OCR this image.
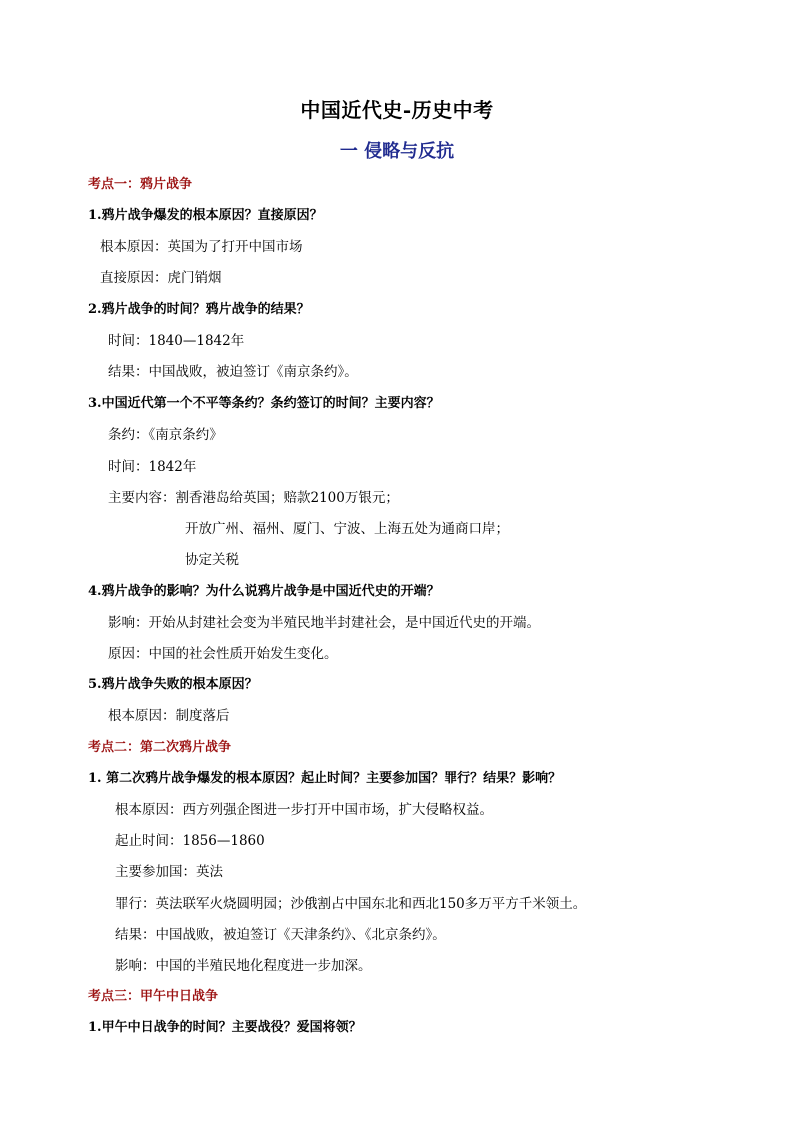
中国近代史-历史中考
一 侵略与反抗
考点一：鸦片战争
1.鸦片战争爆发的根本原因？直接原因？
根本原因：英国为了打开中国市场
直接原因：虎门销烟
2.鸦片战争的时间？鸦片战争的结果？
时间：1840—1842年
结果：中国战败，被迫签订《南京条约》。
3.中国近代第一个不平等条约？条约签订的时间？主要内容？
条约：《南京条约》
时间：1842年
主要内容：割香港岛给英国；赔款2100万银元；
开放广州、福州、厦门、宁波、上海五处为通商口岸；
协定关税
4.鸦片战争的影响？为什么说鸦片战争是中国近代史的开端？
影响：开始从封建社会变为半殖民地半封建社会，是中国近代史的开端。
原因：中国的社会性质开始发生变化。
5.鸦片战争失败的根本原因？
根本原因：制度落后
考点二：第二次鸦片战争
1. 第二次鸦片战争爆发的根本原因？起止时间？主要参加国？罪行？结果？影响？
根本原因：西方列强企图进一步打开中国市场，扩大侵略权益。
起止时间：1856—1860
主要参加国：英法
罪行：英法联军火烧圆明园；沙俄割占中国东北和西北150多万平方千米领土。
结果：中国战败，被迫签订《天津条约》、《北京条约》。
影响：中国的半殖民地化程度进一步加深。
考点三：甲午中日战争
1.甲午中日战争的时间？主要战役？爱国将领？
